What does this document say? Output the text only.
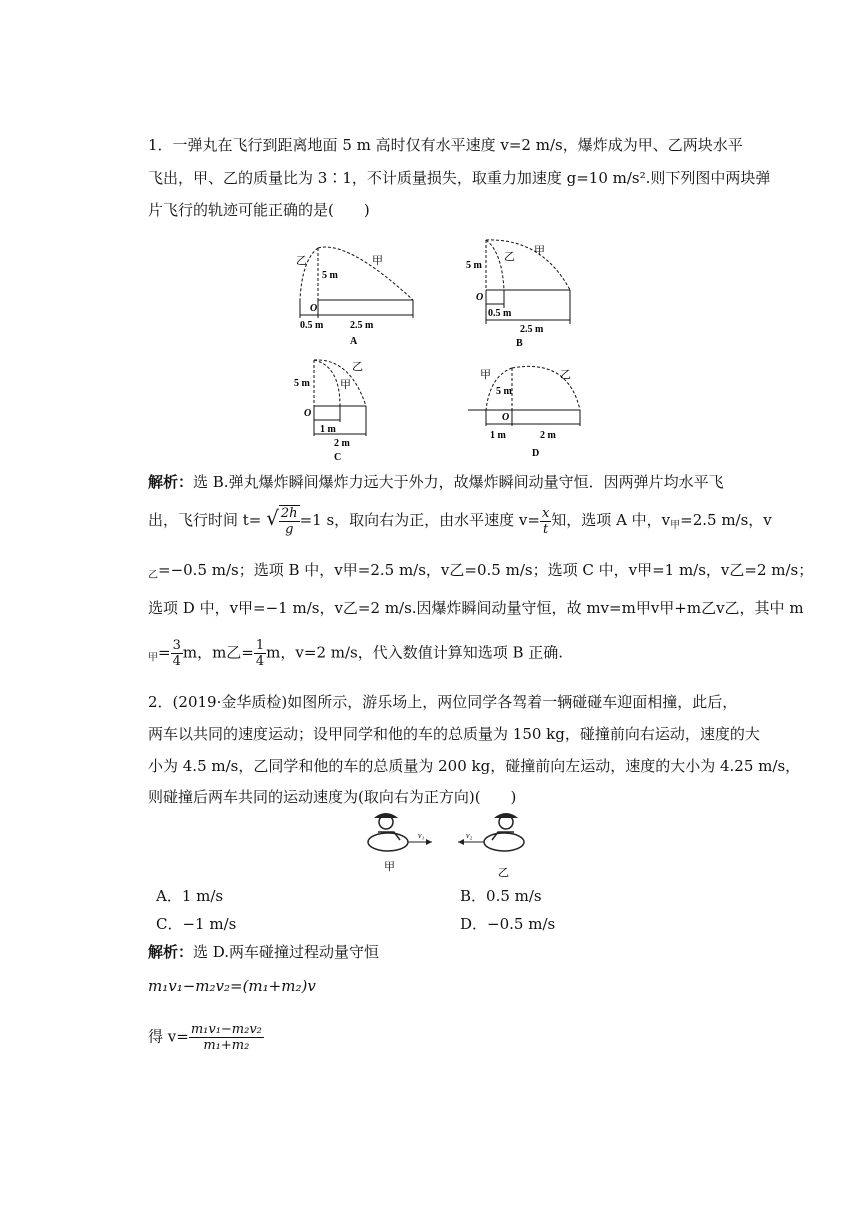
1．一弹丸在飞行到距离地面 5 m 高时仅有水平速度 v=2 m/s，爆炸成为甲、乙两块水平
飞出，甲、乙的质量比为 3∶1，不计质量损失，取重力加速度 g=10 m/s².则下列图中两块弹
片飞行的轨迹可能正确的是(　　)
乙	甲
5 m
O
0.5 m	2.5 m
A
乙 甲
5 m
O
0.5 m
2.5 m
B
乙
甲
5 m
O
1 m
2 m
C
甲	乙
5 m
O
1 m	2 m
D
解析：选 B.弹丸爆炸瞬间爆炸力远大于外力，故爆炸瞬间动量守恒．因两弹片均水平飞
出，飞行时间 t= √ $\frac{2h}{g} =1$ s，取向右为正，由水平速度 $v= \frac{x}{t}$ 知，选项 A 中，$v_甲=2.5$ m/s，v
$_乙$=−0.5 m/s；选项 B 中，v甲=2.5 m/s，v乙=0.5 m/s；选项 C 中，v甲=1 m/s，v乙=2 m/s；
选项 D 中，v甲=−1 m/s，v乙=2 m/s.因爆炸瞬间动量守恒，故 mv=m甲v甲+m乙v乙，其中 m
$_甲= \frac{3}{4}$ m，m乙= $\frac{1}{4}$ m，v=2 m/s，代入数值计算知选项 B 正确.
2．(2019·金华质检)如图所示，游乐场上，两位同学各驾着一辆碰碰车迎面相撞，此后，
两车以共同的速度运动；设甲同学和他的车的总质量为 150 kg，碰撞前向右运动，速度的大
小为 4.5 m/s，乙同学和他的车的总质量为 200 kg，碰撞前向左运动，速度的大小为 4.25 m/s，
则碰撞后两车共同的运动速度为(取向右为正方向)(　　)
v₁	v₂
甲	乙
A．1 m/s	B．0.5 m/s
C．−1 m/s	D．−0.5 m/s
解析：选 D.两车碰撞过程动量守恒
m₁v₁−m₂v₂=(m₁+m₂)v
得 $v= \frac{\text{m₁v₁−m₂v₂}}{\text{m₁+m₂}}$
